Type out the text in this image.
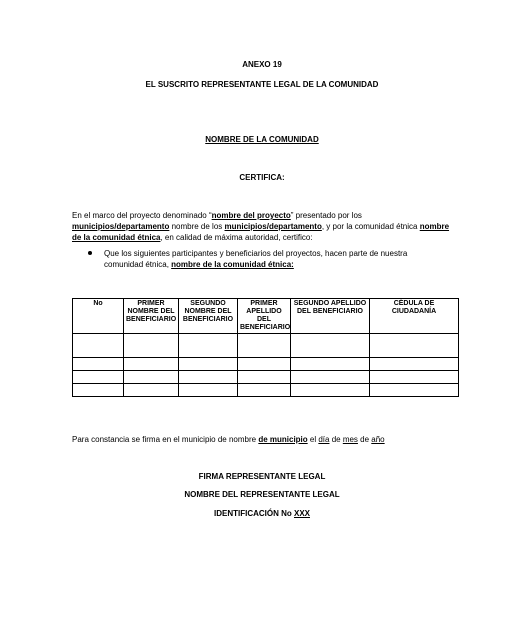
ANEXO 19
EL SUSCRITO REPRESENTANTE LEGAL DE LA COMUNIDAD
NOMBRE DE LA COMUNIDAD
CERTIFICA:
En el marco del proyecto denominado “nombre del proyecto” presentado por los municipios/departamento nombre de los municipios/departamento, y por la comunidad étnica nombre de la comunidad étnica, en calidad de máxima autoridad, certifico:
Que los siguientes participantes y beneficiarios del proyectos, hacen parte de nuestra comunidad étnica, nombre de la comunidad étnica:
No	PRIMER NOMBRE DEL BENEFICIARIO	SEGUNDO NOMBRE DEL BENEFICIARIO	PRIMER APELLIDO DEL BENEFICIARIO	SEGUNDO APELLIDO DEL BENEFICIARIO	CÉDULA DE CIUDADANÍA

Para constancia se firma en el municipio de nombre de municipio el día de mes de año
FIRMA REPRESENTANTE LEGAL
NOMBRE DEL REPRESENTANTE LEGAL
IDENTIFICACIÓN No XXX
